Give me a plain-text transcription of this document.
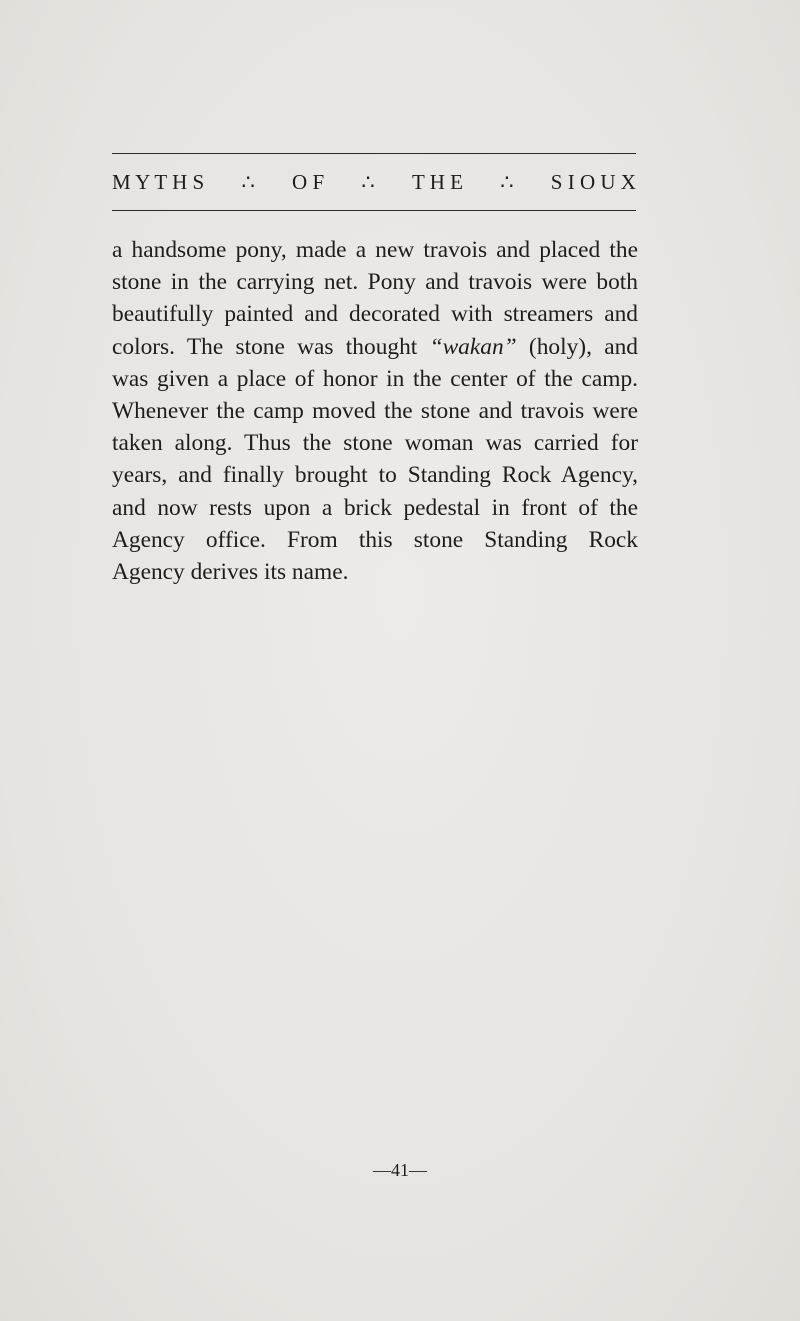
M Y T H S ∴ O F ∴ T H E ∴ S I O U X
a handsome pony, made a new travois and placed the
stone in the carrying net. Pony and travois were both
beautifully painted and decorated with streamers and
colors. The stone was thought “wakan” (holy), and
was given a place of honor in the center of the camp.
Whenever the camp moved the stone and travois were
taken along. Thus the stone woman was carried for
years, and finally brought to Standing Rock Agency,
and now rests upon a brick pedestal in front of the
Agency office. From this stone Standing Rock
Agency derives its name.
—41—
